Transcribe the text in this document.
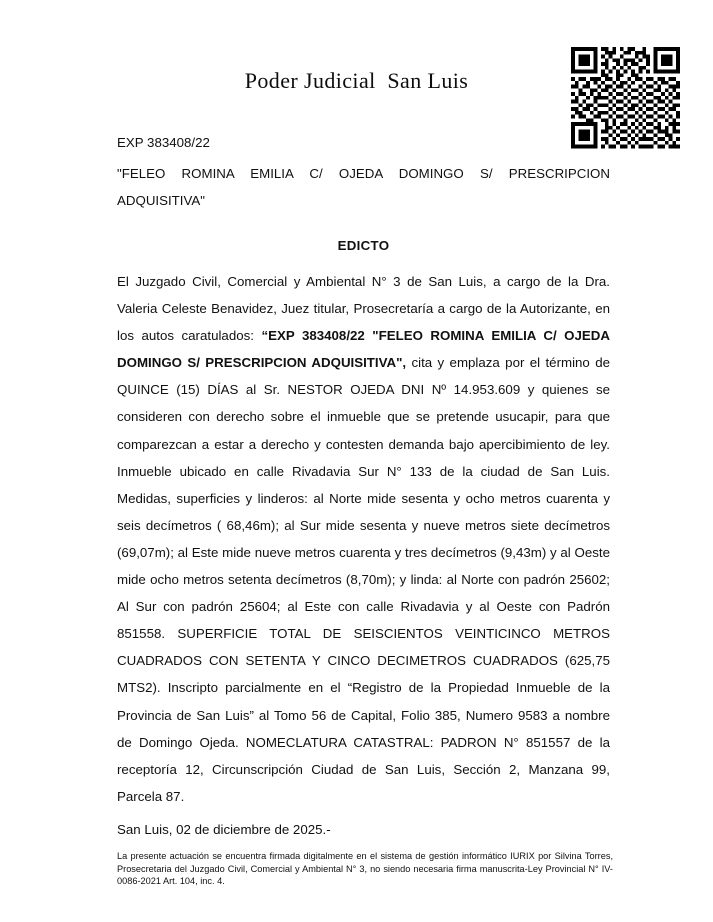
Poder Judicial  San Luis
EXP 383408/22
"FELEO ROMINA EMILIA C/ OJEDA DOMINGO S/ PRESCRIPCION ADQUISITIVA"
EDICTO
El Juzgado Civil, Comercial y Ambiental N° 3 de San Luis, a cargo de la Dra. Valeria Celeste Benavidez, Juez titular, Prosecretaría a cargo de la Autorizante, en los autos caratulados: “EXP 383408/22 "FELEO ROMINA EMILIA C/ OJEDA DOMINGO S/ PRESCRIPCION ADQUISITIVA", cita y emplaza por el término de QUINCE (15) DÍAS al Sr. NESTOR OJEDA DNI Nº 14.953.609 y quienes se consideren con derecho sobre el inmueble que se pretende usucapir, para que comparezcan a estar a derecho y contesten demanda bajo apercibimiento de ley. Inmueble ubicado en calle Rivadavia Sur N° 133 de la ciudad de San Luis. Medidas, superficies y linderos: al Norte mide sesenta y ocho metros cuarenta y seis decímetros ( 68,46m); al Sur mide sesenta y nueve metros siete decímetros (69,07m); al Este mide nueve metros cuarenta y tres decímetros (9,43m) y al Oeste mide ocho metros setenta decímetros (8,70m); y linda: al Norte con padrón 25602; Al Sur con padrón 25604; al Este con calle Rivadavia y al Oeste con Padrón 851558. SUPERFICIE TOTAL DE SEISCIENTOS VEINTICINCO METROS CUADRADOS CON SETENTA Y CINCO DECIMETROS CUADRADOS (625,75 MTS2). Inscripto parcialmente en el “Registro de la Propiedad Inmueble de la Provincia de San Luis” al Tomo 56 de Capital, Folio 385, Numero 9583 a nombre de Domingo Ojeda. NOMECLATURA CATASTRAL: PADRON N° 851557 de la receptoría 12, Circunscripción Ciudad de San Luis, Sección 2, Manzana 99, Parcela 87.
San Luis, 02 de diciembre de 2025.-
La presente actuación se encuentra firmada digitalmente en el sistema de gestión informático IURIX por Silvina Torres, Prosecretaria del Juzgado Civil, Comercial y Ambiental N° 3, no siendo necesaria firma manuscrita-Ley Provincial N° IV-0086-2021 Art. 104, inc. 4.
